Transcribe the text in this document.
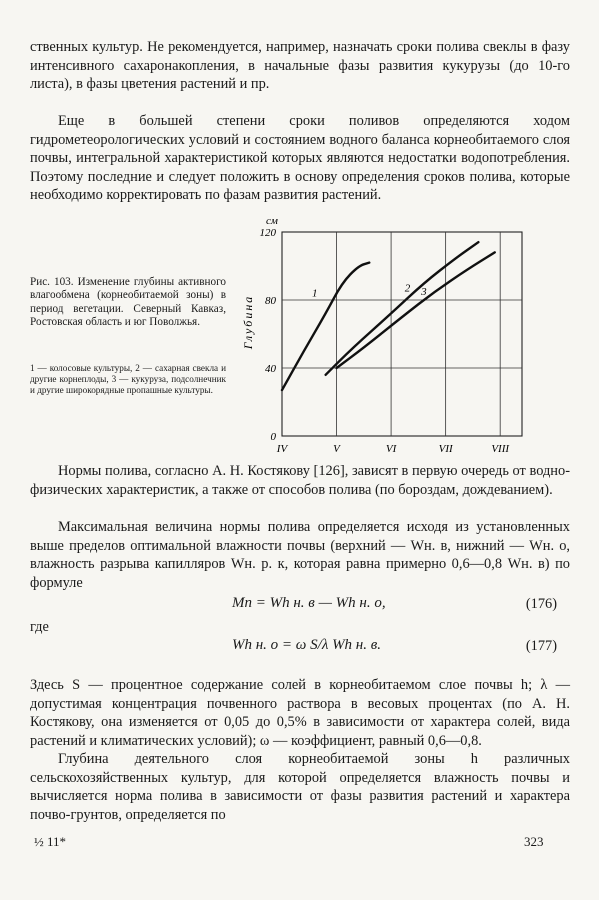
ственных культур. Не рекомендуется, например, назначать сроки полива свеклы в фазу интенсивного сахаронакопления, в начальные фазы развития кукурузы (до 10-го листа), в фазы цветения растений и пр.

Еще в большей степени сроки поливов определяются ходом гидрометеорологических условий и состоянием водного баланса корнеобитаемого слоя почвы, интегральной характеристикой которых являются недостатки водопотребления. Поэтому последние и следует положить в основу определения сроков полива, которые необходимо корректировать по фазам развития растений.

Рис. 103. Изменение глубины активного влагообмена (корнеобитаемой зоны) в период вегетации. Северный Кавказ, Ростовская область и юг Поволжья.

1 — колосовые культуры, 2 — сахарная свекла и другие корнеплоды, 3 — кукуруза, подсолнечник и другие широкорядные пропашные культуры.

0
40
80
120
IV	V	VI	VII	VIII
см
Глубина
1	2 3

Нормы полива, согласно А. Н. Костякову [126], зависят в первую очередь от водно-физических характеристик, а также от способов полива (по бороздам, дождеванием).

Максимальная величина нормы полива определяется исходя из установленных выше пределов оптимальной влажности почвы (верхний — Wн. в, нижний — Wн. о, влажность разрыва капилляров Wн. р. к, которая равна примерно 0,6—0,8 Wн. в) по формуле

Mп = Wh н. в — Wh н. о,	(176)
где
Wh н. о = ω S/λ Wh н. в.	(177)

Здесь S — процентное содержание солей в корнеобитаемом слое почвы h; λ — допустимая концентрация почвенного раствора в весовых процентах (по А. Н. Костякову, она изменяется от 0,05 до 0,5% в зависимости от характера солей, вида растений и климатических условий); ω — коэффициент, равный 0,6—0,8.

Глубина деятельного слоя корнеобитаемой зоны h различных сельскохозяйственных культур, для которой определяется влажность почвы и вычисляется норма полива в зависимости от фазы развития растений и характера почво-грунтов, определяется по

½ 11*	323
